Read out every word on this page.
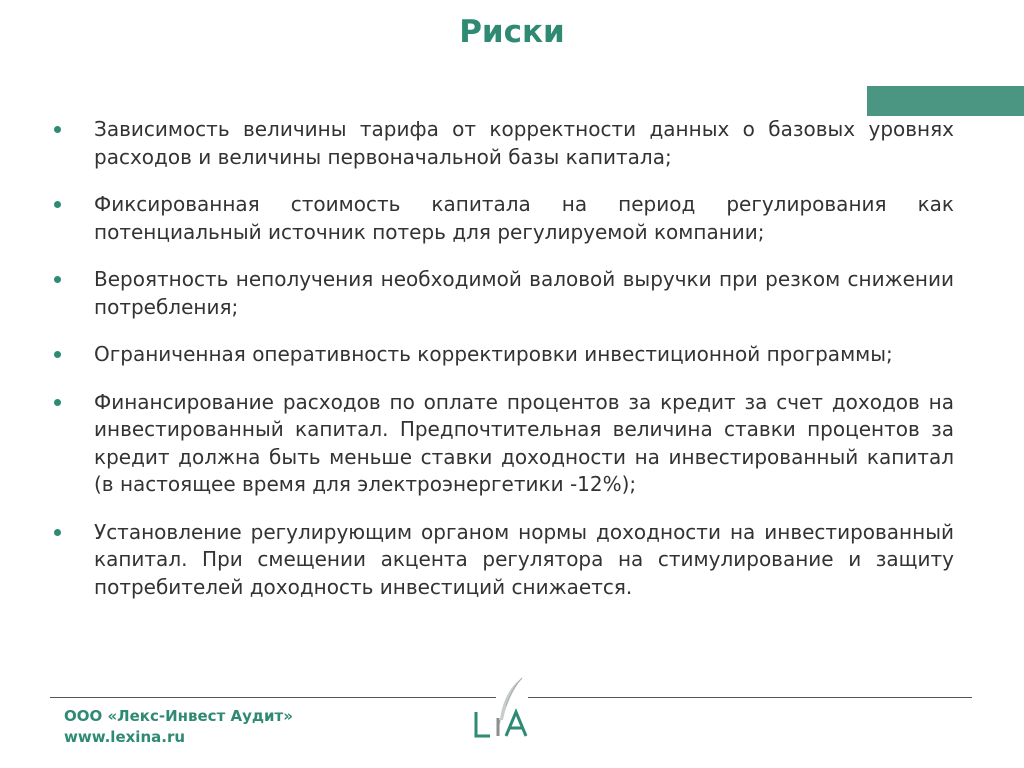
Риски
Зависимость величины тарифа от корректности данных о базовых уровнях расходов и величины первоначальной базы капитала;
Фиксированная стоимость капитала на период регулирования как потенциальный источник потерь для регулируемой компании;
Вероятность неполучения необходимой валовой выручки при резком снижении потребления;
Ограниченная оперативность корректировки инвестиционной программы;
Финансирование расходов по оплате процентов за кредит за счет доходов на инвестированный капитал. Предпочтительная величина ставки процентов за кредит должна быть меньше ставки доходности на инвестированный капитал (в настоящее время для электроэнергетики -12%);
Установление регулирующим органом нормы доходности на инвестированный капитал. При смещении акцента регулятора на стимулирование и защиту потребителей доходность инвестиций снижается.
ООО «Лекс-Инвест Аудит»
www.lexina.ru
